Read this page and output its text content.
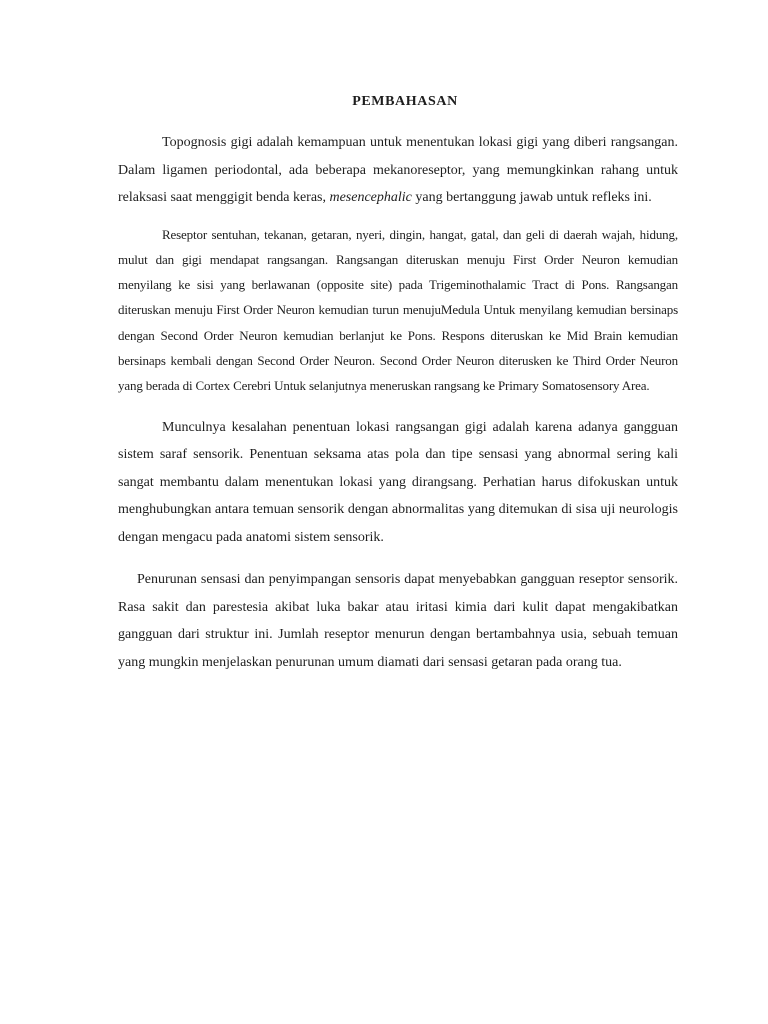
PEMBAHASAN

Topognosis gigi adalah kemampuan untuk menentukan lokasi gigi yang diberi rangsangan. Dalam ligamen periodontal, ada beberapa mekanoreseptor, yang memungkinkan rahang untuk relaksasi saat menggigit benda keras, mesencephalic yang bertanggung jawab untuk refleks ini.

Reseptor sentuhan, tekanan, getaran, nyeri, dingin, hangat, gatal, dan geli di daerah wajah, hidung, mulut dan gigi mendapat rangsangan. Rangsangan diteruskan menuju First Order Neuron kemudian menyilang ke sisi yang berlawanan (opposite site) pada Trigeminothalamic Tract di Pons. Rangsangan diteruskan menuju First Order Neuron kemudian turun menujuMedula Untuk menyilang kemudian bersinaps dengan Second Order Neuron kemudian berlanjut ke Pons. Respons diteruskan ke Mid Brain kemudian bersinaps kembali dengan Second Order Neuron. Second Order Neuron diterusken ke Third Order Neuron yang berada di Cortex Cerebri Untuk selanjutnya meneruskan rangsang ke Primary Somatosensory Area.

Munculnya kesalahan penentuan lokasi rangsangan gigi adalah karena adanya gangguan sistem saraf sensorik. Penentuan seksama atas pola dan tipe sensasi yang abnormal sering kali sangat membantu dalam menentukan lokasi yang dirangsang. Perhatian harus difokuskan untuk menghubungkan antara temuan sensorik dengan abnormalitas yang ditemukan di sisa uji neurologis dengan mengacu pada anatomi sistem sensorik.

Penurunan sensasi dan penyimpangan sensoris dapat menyebabkan gangguan reseptor sensorik. Rasa sakit dan parestesia akibat luka bakar atau iritasi kimia dari kulit dapat mengakibatkan gangguan dari struktur ini. Jumlah reseptor menurun dengan bertambahnya usia, sebuah temuan yang mungkin menjelaskan penurunan umum diamati dari sensasi getaran pada orang tua.
